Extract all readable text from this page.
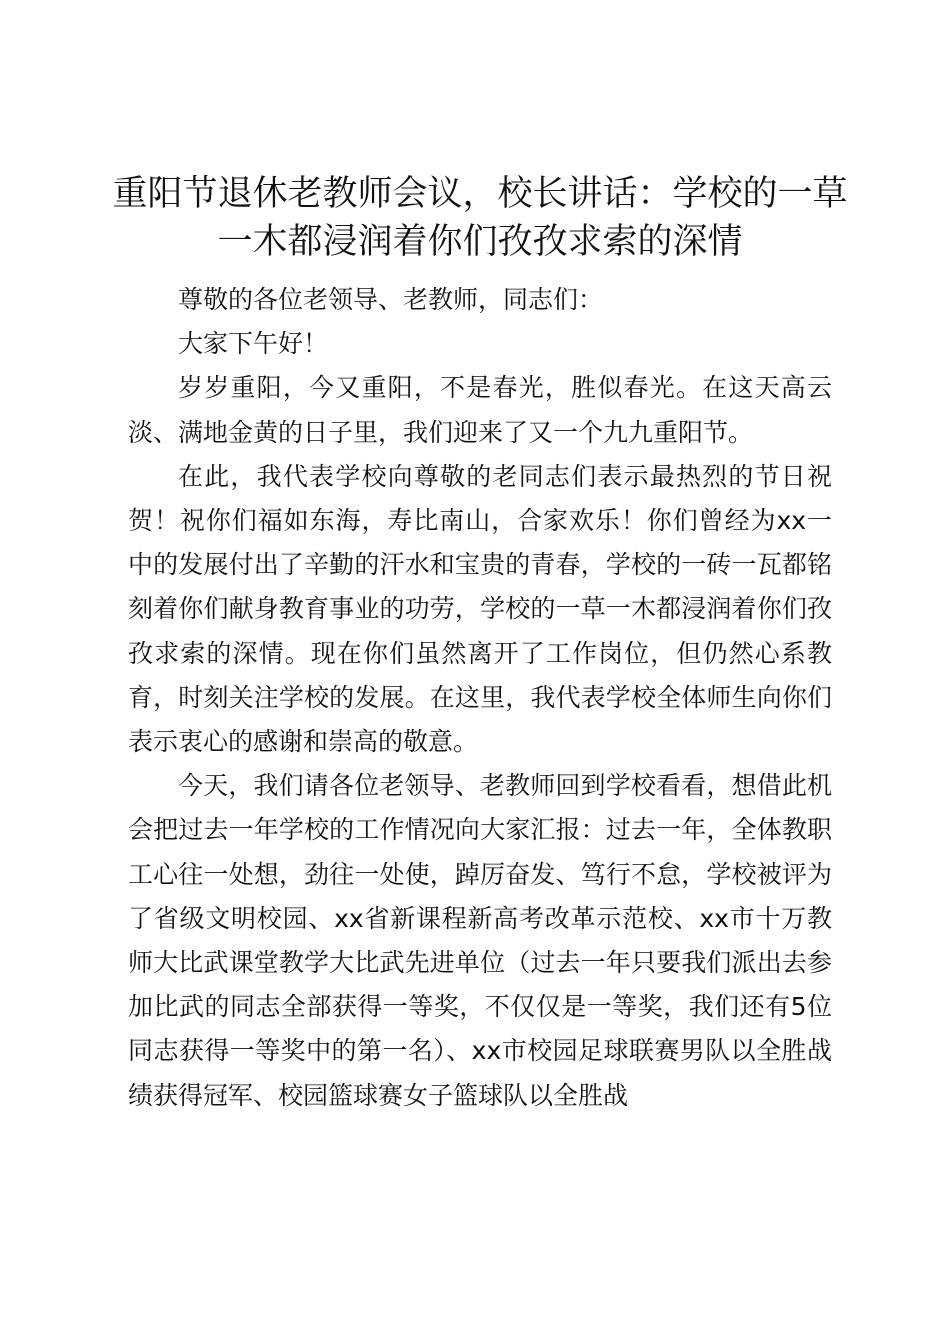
重阳节退休老教师会议，校长讲话：学校的一草一木都浸润着你们孜孜求索的深情

尊敬的各位老领导、老教师，同志们：

大家下午好！

岁岁重阳，今又重阳，不是春光，胜似春光。在这天高云淡、满地金黄的日子里，我们迎来了又一个九九重阳节。

在此，我代表学校向尊敬的老同志们表示最热烈的节日祝贺！祝你们福如东海，寿比南山，合家欢乐！你们曾经为xx一中的发展付出了辛勤的汗水和宝贵的青春，学校的一砖一瓦都铭刻着你们献身教育事业的功劳，学校的一草一木都浸润着你们孜孜求索的深情。现在你们虽然离开了工作岗位，但仍然心系教育，时刻关注学校的发展。在这里，我代表学校全体师生向你们表示衷心的感谢和崇高的敬意。

今天，我们请各位老领导、老教师回到学校看看，想借此机会把过去一年学校的工作情况向大家汇报：过去一年，全体教职工心往一处想，劲往一处使，踔厉奋发、笃行不怠，学校被评为了省级文明校园、xx省新课程新高考改革示范校、xx市十万教师大比武课堂教学大比武先进单位（过去一年只要我们派出去参加比武的同志全部获得一等奖，不仅仅是一等奖，我们还有5位同志获得一等奖中的第一名）、xx市校园足球联赛男队以全胜战绩获得冠军、校园篮球赛女子篮球队以全胜战
